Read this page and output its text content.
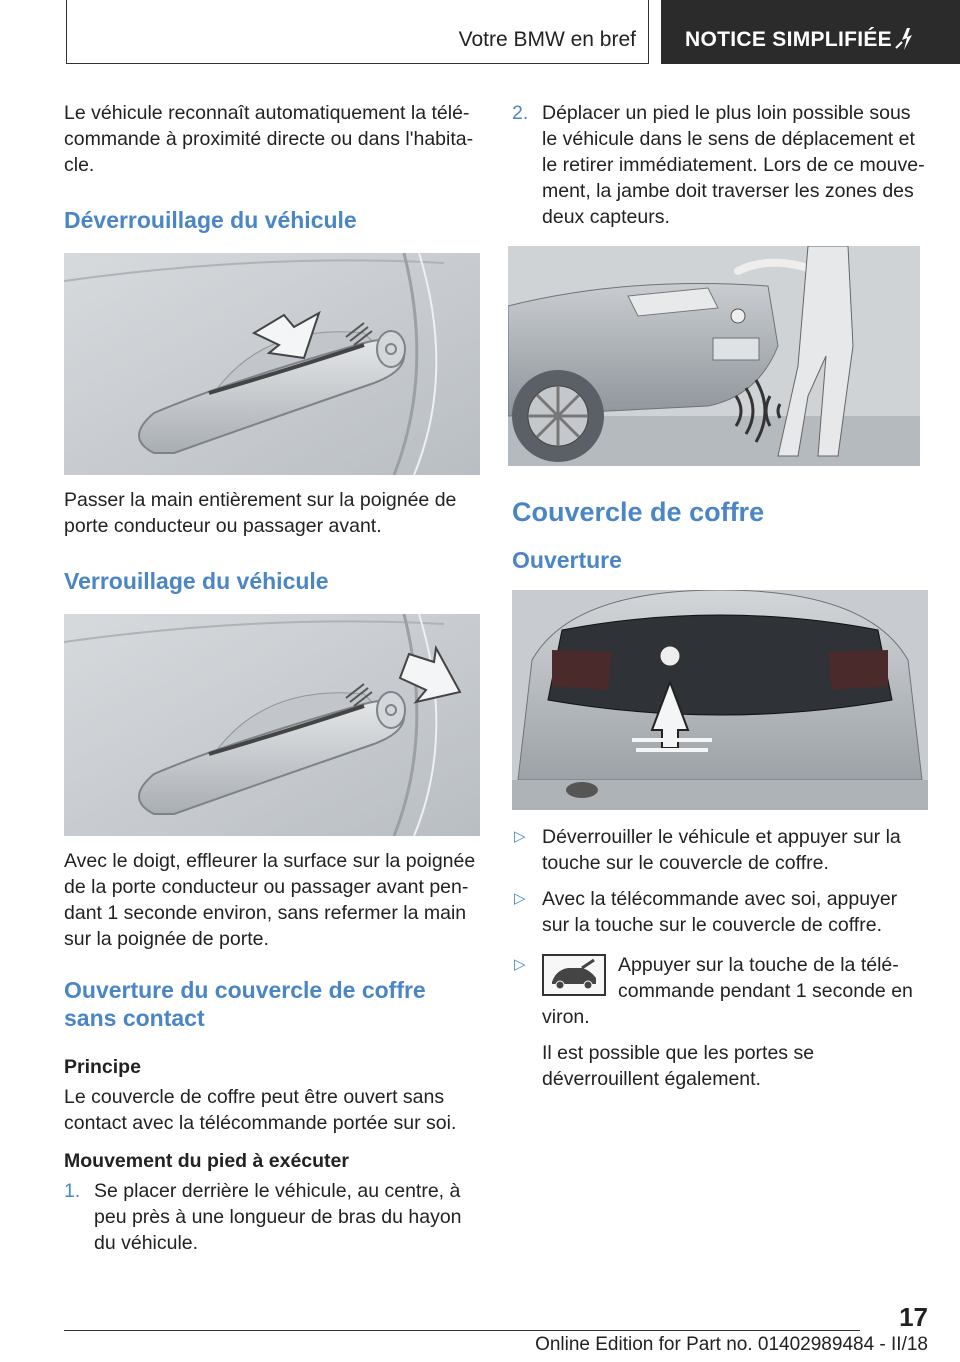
Votre BMW en bref NOTICE SIMPLIFIÉE

Le véhicule reconnaît automatiquement la télécommande à proximité directe ou dans l'habitacle.

Déverrouillage du véhicule

Passer la main entièrement sur la poignée de porte conducteur ou passager avant.

Verrouillage du véhicule

Avec le doigt, effleurer la surface sur la poignée de la porte conducteur ou passager avant pendant 1 seconde environ, sans refermer la main sur la poignée de porte.

Ouverture du couvercle de coffre sans contact
Principe

Le couvercle de coffre peut être ouvert sans contact avec la télécommande portée sur soi.

Mouvement du pied à exécuter
1. Se placer derrière le véhicule, au centre, à peu près à une longueur de bras du hayon du véhicule.

2. Déplacer un pied le plus loin possible sous le véhicule dans le sens de déplacement et le retirer immédiatement. Lors de ce mouvement, la jambe doit traverser les zones des deux capteurs.

Couvercle de coffre
Ouverture
▷ Déverrouiller le véhicule et appuyer sur la touche sur le couvercle de coffre.

▷ Avec la télécommande avec soi, appuyer sur la touche sur le couvercle de coffre.

▷	Appuyer sur la touche de la télécommande pendant 1 seconde en

viron.

Il est possible que les portes se déverrouillent également.

17
Online Edition for Part no. 01402989484 - II/18
